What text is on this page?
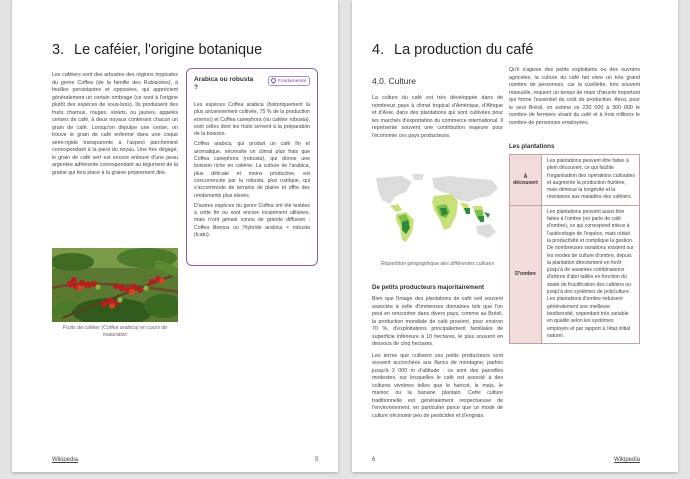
3. Le caféier, l'origine botanique

Les caféiers sont des arbustes des régions tropicales du genre Coffea (de la famille des Rubiacées), à feuilles persistantes et opposées, qui apprécient généralement un certain ombrage (ce sont à l'origine plutôt des espèces de sous-bois). Ils produisent des fruits charnus, rouges, violets, ou jaunes, appelés cerises de café, à deux noyaux contenant chacun un grain de café. Lorsqu'on dépulpe une cerise, on trouve le grain de café enfermé dans une coque semi-rigide transparente à l'aspect parcheminé correspondant à la paroi du noyau. Une fois dégagé, le grain de café vert est encore entouré d'une peau argentée adhérente correspondant au tégument de la graine qui fera place à la graine proprement dite.

Arabica ou robusta ?
Fondamental

Les espèces Coffea arabica (historiquement la plus anciennement cultivée, 75 % de la production environ) et Coffea canephora (ou caféier robusta), sont celles dont les fruits servent à la préparation de la boisson.

Coffea arabica, qui produit un café fin et aromatique, nécessite un climat plus frais que Coffea canephora (robusta), qui donne une boisson riche en caféine. La culture de l'arabica, plus délicate et moins productive, est concurrencée par la robusta, plus rustique, qui s'accommode de terrains de plaine et offre des rendements plus élevés.

D'autres espèces du genre Coffea ont été testées à cette fin ou sont encore localement utilisées, mais n'ont jamais connu de grande diffusion : Coffea liberica ou l'hybride arabica × robusta (Icatu).

Fruits de caféier (Coffea arabica) en cours de maturation
Wikipedia	5
4. La production du café
4.0. Culture

La culture du café est très développée dans de nombreux pays à climat tropical d'Amérique, d'Afrique et d'Asie, dans des plantations qui sont cultivées pour les marchés d'exportation du commerce international. Il représente souvent une contribution majeure pour l'économie ces pays producteurs.

Répartition géographique des différentes cultures
De petits producteurs majoritairement

Bien que l'image des plantations de café soit souvent associée à celle d'immenses domaines tels que l'on peut en rencontrer dans divers pays, comme au Brésil, la production mondiale de café provient, pour environ 70 %, d'exploitations principalement familiales de superficie inférieure à 10 hectares, le plus souvent en dessous de cinq hectares.

Les terres que cultivent ces petits producteurs sont souvent accrochées aux flancs de montagne, parfois jusqu'à 2 000 m d'altitude : ce sont des parcelles modestes, sur lesquelles le café est associé à des cultures vivrières telles que le haricot, le maïs, le manioc ou la banane plantain. Cette culture traditionnelle est généralement respectueuse de l'environnement, en particulier parce que ce mode de culture nécessite peu de pesticides et d'engrais.

Qu'il s'agisse des petits exploitants ou des ouvriers agricoles, la culture du café fait vivre un très grand nombre de personnes, car la cueillette, très souvent manuelle, requiert un temps de main d'œuvre important qui forme l'essentiel du coût de production. Ainsi, pour le seul Brésil, on estime ce 230 000 à 300 000 le nombre de fermiers vivant du café et à trois millions le nombre de personnes employées.

Les plantations
À découvert	Les plantations peuvent être faites à plein découvert, ce qui facilite l'organisation des opérations culturales et augmente la production fruitière, mais diminue la longévité et la résistance aux maladies des caféiers.
D'ombre	Les plantations peuvent aussi être faites à l'ombre (on parle de café d'ombre), ce qui correspond mieux à l'autécologie de l'espèce, mais réduit la productivité et complique la gestion. De nombreuses variations existent sur les modes de culture d'ombre, depuis la plantation directement en forêt jusqu'à de savantes combinaisons d'arbres d'abri taillés en fonction du stade de fructification des caféiers ou jusqu'à des systèmes de polyculture. Les plantations d'ombre induisent généralement une meilleure biodiversité, cependant très variable en qualité selon les systèmes employés et par rapport à l'état initial naturel.
6	Wikipedia
